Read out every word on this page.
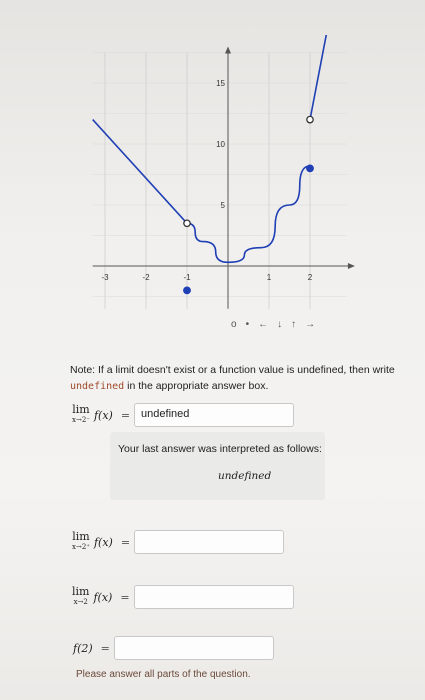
-3	-2	-1	1	2
15
10
5
o • ← ↓ ↑ →
Note: If a limit doesn't exist or a function value is undefined, then write undefined in the appropriate answer box.
lim
x→2⁻ f(x) =	undefined
Your last answer was interpreted as follows:
undefined
lim
x→2⁺ f(x) =
lim
x→2 f(x) =
f(2) =
Please answer all parts of the question.
